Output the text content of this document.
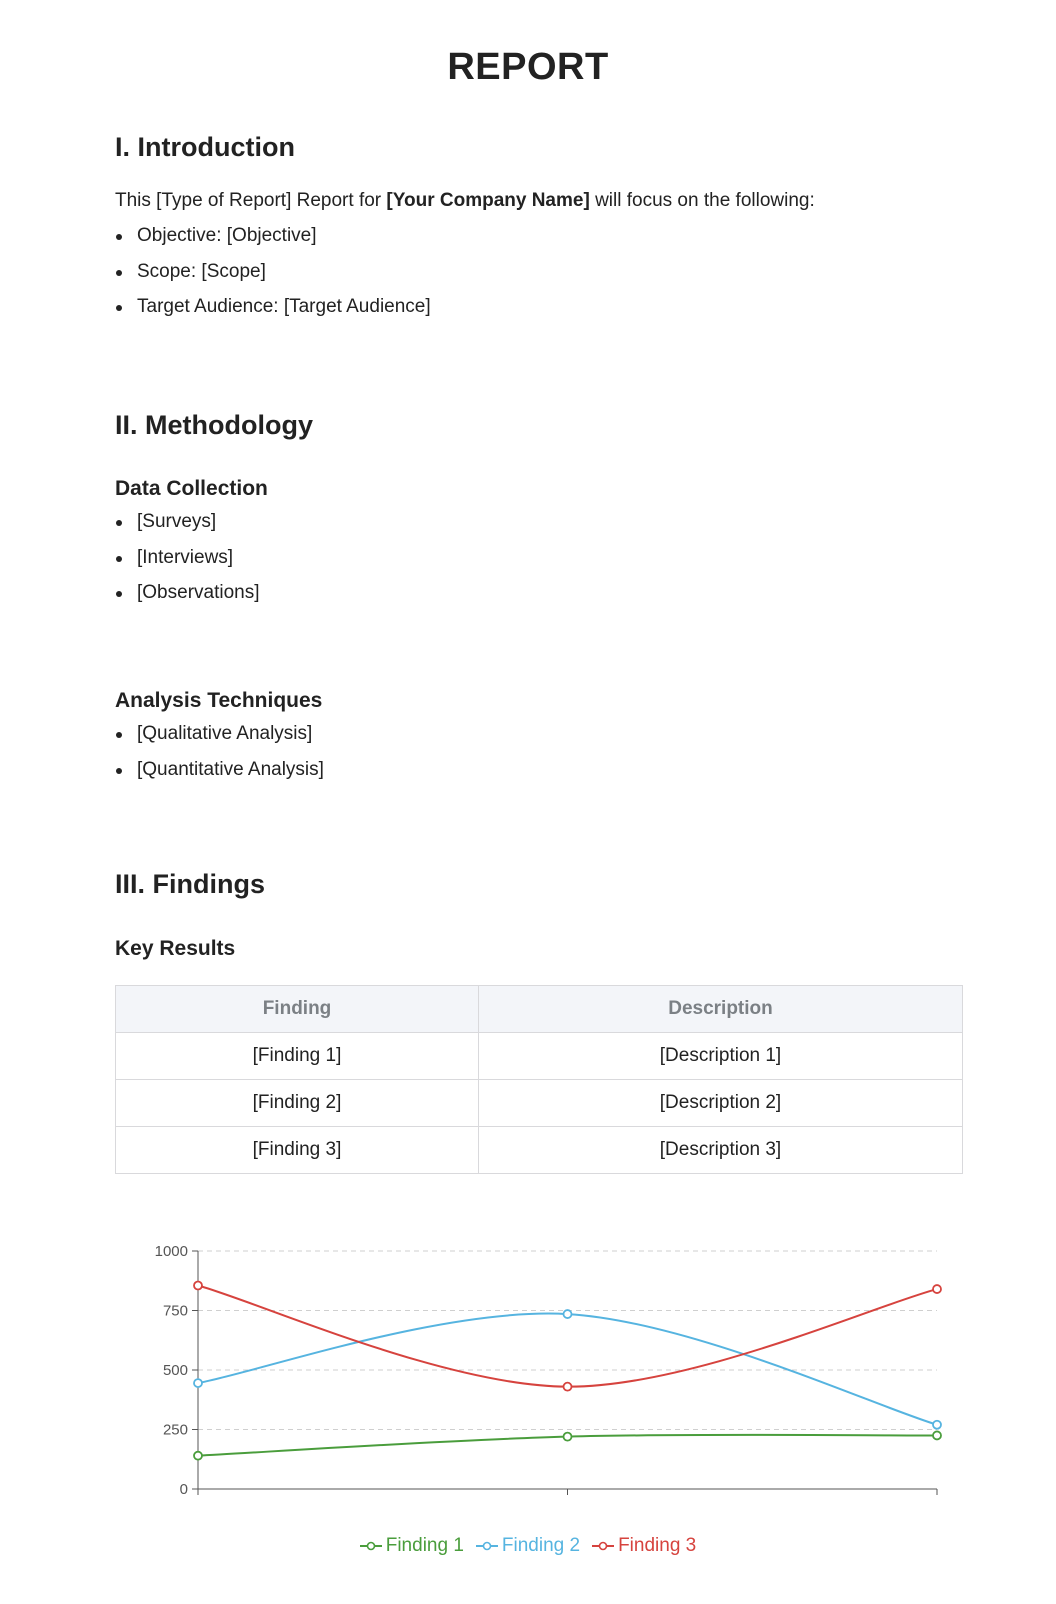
REPORT
I. Introduction
This [Type of Report] Report for [Your Company Name] will focus on the following:
Objective: [Objective]
Scope: [Scope]
Target Audience: [Target Audience]
II. Methodology
Data Collection
[Surveys]
[Interviews]
[Observations]
Analysis Techniques
[Qualitative Analysis]
[Quantitative Analysis]
III. Findings
Key Results
Finding	Description
[Finding 1]	[Description 1]
[Finding 2]	[Description 2]
[Finding 3]	[Description 3]
0
250
500
750
1000
Finding 1 Finding 2 Finding 3
